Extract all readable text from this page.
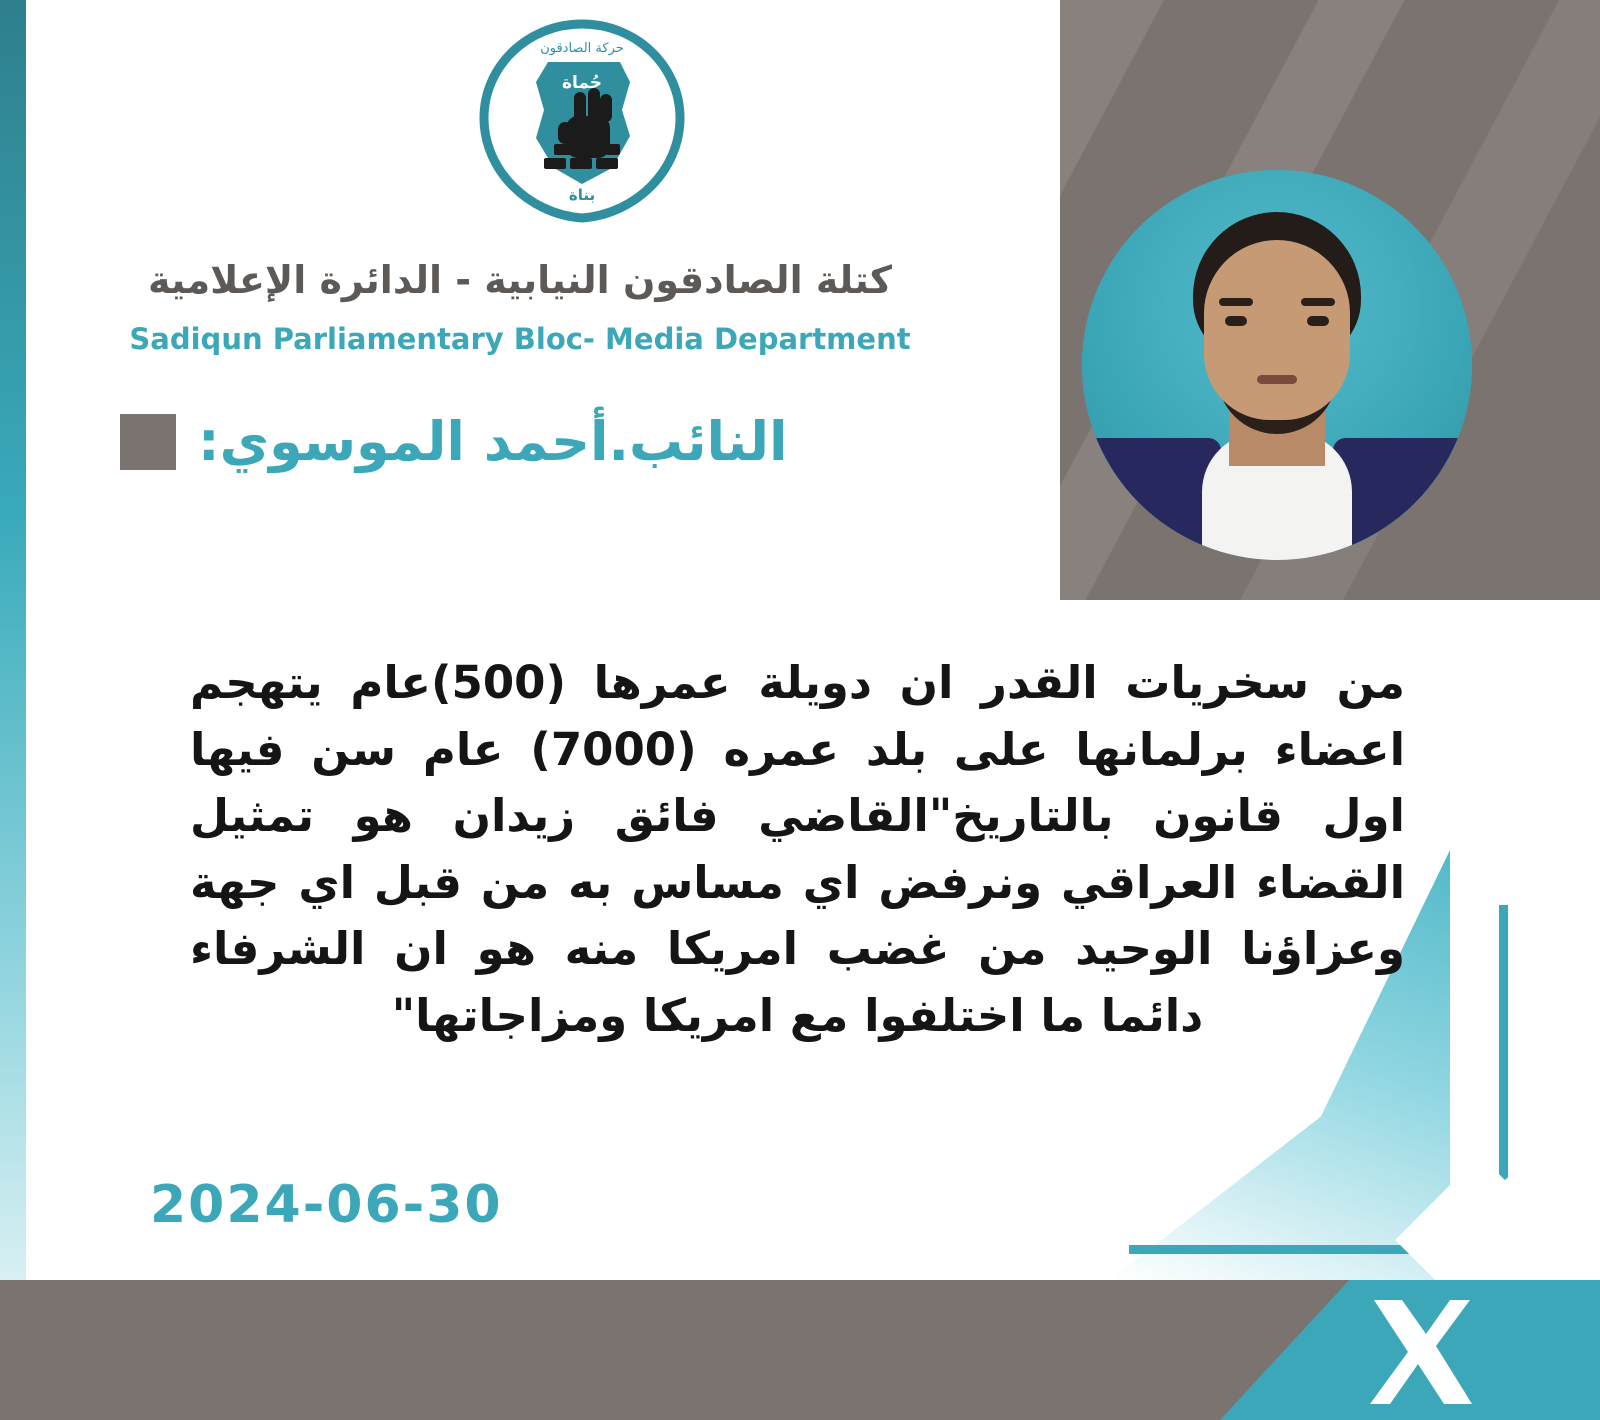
حُماة
بناة
حركة الصادقون
كتلة الصادقون النيابية - الدائرة الإعلامية
Sadiqun Parliamentary Bloc- Media Department
النائب.أحمد الموسوي:
من سخريات القدر ان دويلة عمرها (500)عام يتهجم اعضاء برلمانها على بلد عمره (7000) عام سن فيها اول قانون بالتاريخ"القاضي فائق زيدان هو تمثيل القضاء العراقي ونرفض اي مساس به من قبل اي جهة وعزاؤنا الوحيد من غضب امريكا منه هو ان الشرفاء دائما ما اختلفوا مع امريكا ومزاجاتها"
2024-06-30
